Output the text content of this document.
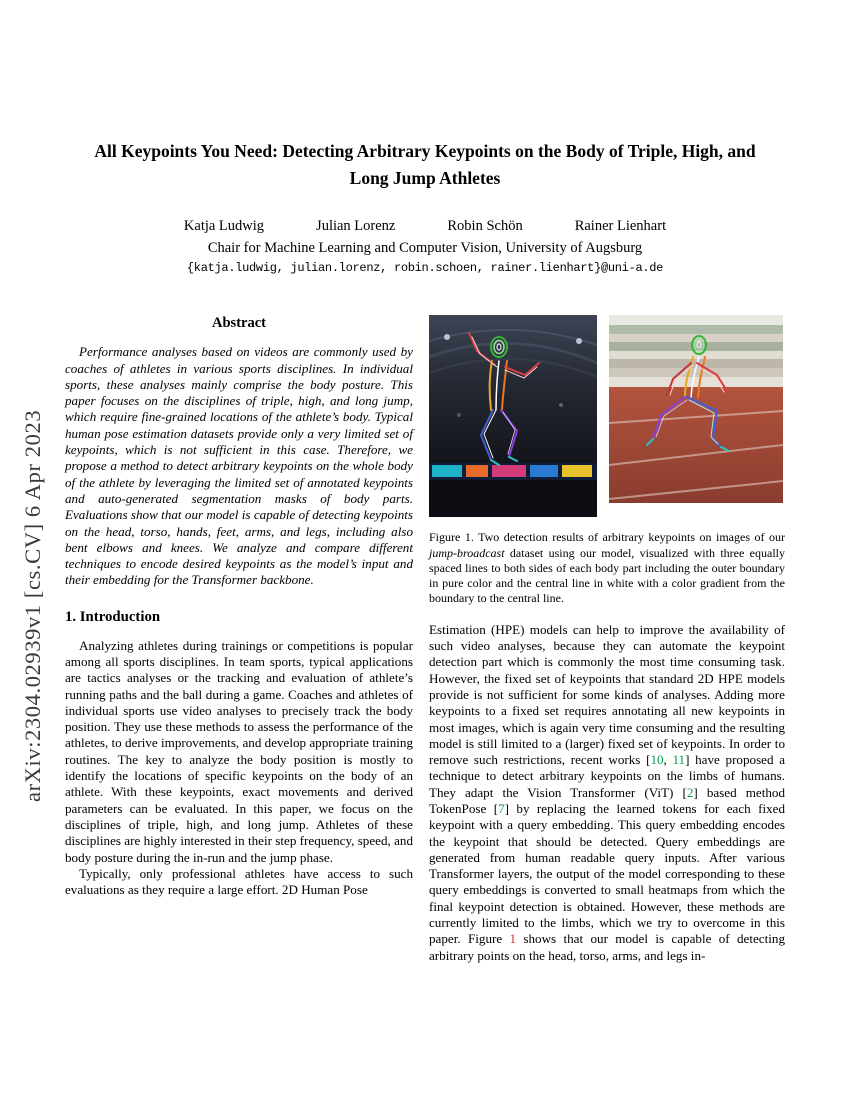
arXiv:2304.02939v1 [cs.CV] 6 Apr 2023
All Keypoints You Need: Detecting Arbitrary Keypoints on the Body of Triple, High, and Long Jump Athletes
Katja Ludwig	Julian Lorenz	Robin Schön	Rainer Lienhart
Chair for Machine Learning and Computer Vision, University of Augsburg
{katja.ludwig, julian.lorenz, robin.schoen, rainer.lienhart}@uni-a.de
Abstract

Performance analyses based on videos are commonly used by coaches of athletes in various sports disciplines. In individual sports, these analyses mainly comprise the body posture. This paper focuses on the disciplines of triple, high, and long jump, which require fine-grained locations of the athlete’s body. Typical human pose estimation datasets provide only a very limited set of keypoints, which is not sufficient in this case. Therefore, we propose a method to detect arbitrary keypoints on the whole body of the athlete by leveraging the limited set of annotated keypoints and auto-generated segmentation masks of body parts. Evaluations show that our model is capable of detecting keypoints on the head, torso, hands, feet, arms, and legs, including also bent elbows and knees. We analyze and compare different techniques to encode desired keypoints as the model’s input and their embedding for the Transformer backbone.

1. Introduction

Analyzing athletes during trainings or competitions is popular among all sports disciplines. In team sports, typical applications are tactics analyses or the tracking and evaluation of athlete’s running paths and the ball during a game. Coaches and athletes of individual sports use video analyses to precisely track the body position. They use these methods to assess the performance of the athletes, to derive improvements, and develop appropriate training routines. The key to analyze the body position is mostly to identify the locations of specific keypoints on the body of an athlete. With these keypoints, exact movements and derived parameters can be evaluated. In this paper, we focus on the disciplines of triple, high, and long jump. Athletes of these disciplines are highly interested in their step frequency, speed, and body posture during the in-run and the jump phase.

Typically, only professional athletes have access to such evaluations as they require a large effort. 2D Human Pose

Figure 1. Two detection results of arbitrary keypoints on images of our jump-broadcast dataset using our model, visualized with three equally spaced lines to both sides of each body part including the outer boundary in pure color and the central line in white with a color gradient from the boundary to the central line.

Estimation (HPE) models can help to improve the availability of such video analyses, because they can automate the keypoint detection part which is commonly the most time consuming task. However, the fixed set of keypoints that standard 2D HPE models provide is not sufficient for some kinds of analyses. Adding more keypoints to a fixed set requires annotating all new keypoints in most images, which is again very time consuming and the resulting model is still limited to a (larger) fixed set of keypoints. In order to remove such restrictions, recent works [10, 11] have proposed a technique to detect arbitrary keypoints on the limbs of humans. They adapt the Vision Transformer (ViT) [2] based method TokenPose [7] by replacing the learned tokens for each fixed keypoint with a query embedding. This query embedding encodes the keypoint that should be detected. Query embeddings are generated from human readable query inputs. After various Transformer layers, the output of the model corresponding to these query embeddings is converted to small heatmaps from which the final keypoint detection is obtained. However, these methods are currently limited to the limbs, which we try to overcome in this paper. Figure 1 shows that our model is capable of detecting arbitrary points on the head, torso, arms, and legs in-
